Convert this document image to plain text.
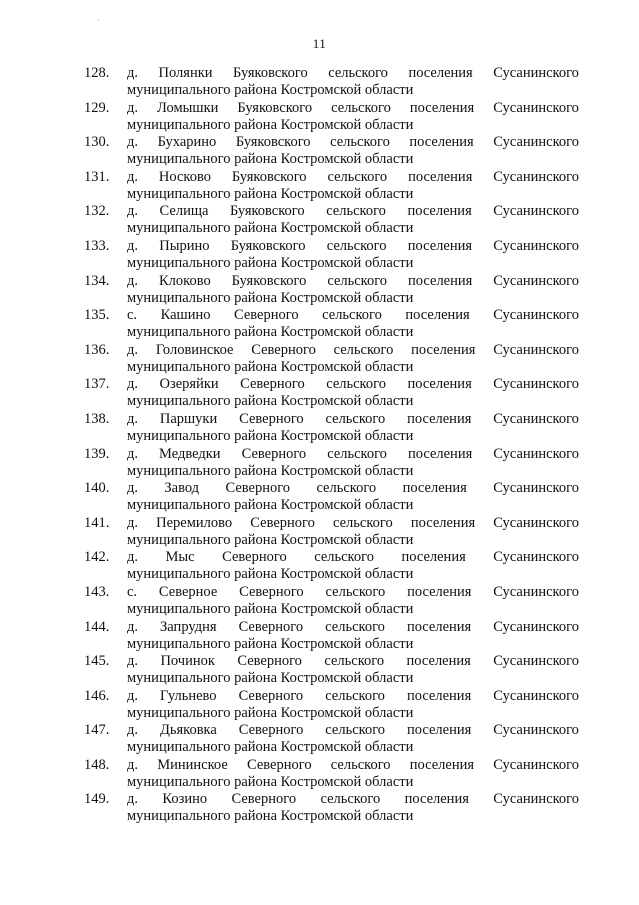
`
11
128. д. Полянки Буяковского сельского поселения Сусанинского
муниципального района Костромской области
129. д. Ломышки Буяковского сельского поселения Сусанинского
муниципального района Костромской области
130. д. Бухарино Буяковского сельского поселения Сусанинского
муниципального района Костромской области
131. д. Носково Буяковского сельского поселения Сусанинского
муниципального района Костромской области
132. д. Селища Буяковского сельского поселения Сусанинского
муниципального района Костромской области
133. д. Пырино Буяковского сельского поселения Сусанинского
муниципального района Костромской области
134. д. Клоково Буяковского сельского поселения Сусанинского
муниципального района Костромской области
135. с. Кашино Северного сельского поселения Сусанинского
муниципального района Костромской области
136. д. Головинское Северного сельского поселения Сусанинского
муниципального района Костромской области
137. д. Озеряйки Северного сельского поселения Сусанинского
муниципального района Костромской области
138. д. Паршуки Северного сельского поселения Сусанинского
муниципального района Костромской области
139. д. Медведки Северного сельского поселения Сусанинского
муниципального района Костромской области
140. д. Завод Северного сельского поселения Сусанинского
муниципального района Костромской области
141. д. Перемилово Северного сельского поселения Сусанинского
муниципального района Костромской области
142. д. Мыс Северного сельского поселения Сусанинского
муниципального района Костромской области
143. с. Северное Северного сельского поселения Сусанинского
муниципального района Костромской области
144. д. Запрудня Северного сельского поселения Сусанинского
муниципального района Костромской области
145. д. Починок Северного сельского поселения Сусанинского
муниципального района Костромской области
146. д. Гульнево Северного сельского поселения Сусанинского
муниципального района Костромской области
147. д. Дьяковка Северного сельского поселения Сусанинского
муниципального района Костромской области
148. д. Мининское Северного сельского поселения Сусанинского
муниципального района Костромской области
149. д. Козино Северного сельского поселения Сусанинского
муниципального района Костромской области
